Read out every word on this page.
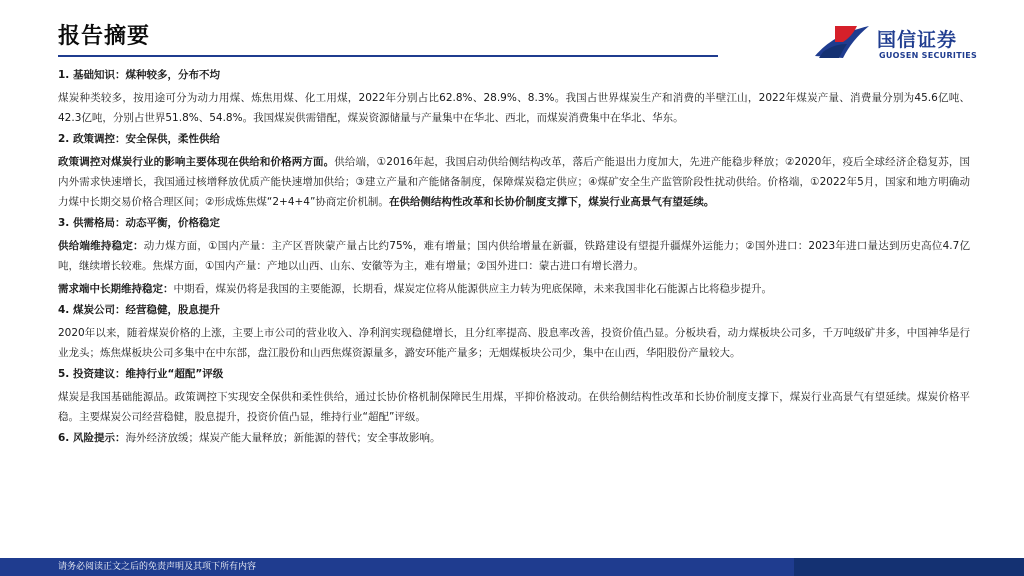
报告摘要	国信证券
GUOSEN SECURITIES
1. 基础知识：煤种较多，分布不均
煤炭种类较多，按用途可分为动力用煤、炼焦用煤、化工用煤，2022年分别占比62.8%、28.9%、8.3%。我国占世界煤炭生产和消费的半壁江山，2022年煤炭产量、消费量分别为45.6亿吨、42.3亿吨，分别占世界51.8%、54.8%。我国煤炭供需错配，煤炭资源储量与产量集中在华北、西北，而煤炭消费集中在华北、华东。
2. 政策调控：安全保供，柔性供给
政策调控对煤炭行业的影响主要体现在供给和价格两方面。供给端，①2016年起，我国启动供给侧结构改革，落后产能退出力度加大，先进产能稳步释放；②2020年，疫后全球经济企稳复苏，国内外需求快速增长，我国通过核增释放优质产能快速增加供给；③建立产量和产能储备制度，保障煤炭稳定供应；④煤矿安全生产监管阶段性扰动供给。价格端，①2022年5月，国家和地方明确动力煤中长期交易价格合理区间；②形成炼焦煤“2+4+4”协商定价机制。在供给侧结构性改革和长协价制度支撑下，煤炭行业高景气有望延续。
3. 供需格局：动态平衡，价格稳定
供给端维持稳定：动力煤方面，①国内产量：主产区晋陕蒙产量占比约75%，难有增量；国内供给增量在新疆，铁路建设有望提升疆煤外运能力；②国外进口：2023年进口量达到历史高位4.7亿吨，继续增长较难。焦煤方面，①国内产量：产地以山西、山东、安徽等为主，难有增量；②国外进口：蒙古进口有增长潜力。
需求端中长期维持稳定：中期看，煤炭仍将是我国的主要能源，长期看，煤炭定位将从能源供应主力转为兜底保障，未来我国非化石能源占比将稳步提升。
4. 煤炭公司：经营稳健，股息提升
2020年以来，随着煤炭价格的上涨，主要上市公司的营业收入、净利润实现稳健增长，且分红率提高、股息率改善，投资价值凸显。分板块看，动力煤板块公司多，千万吨级矿井多，中国神华是行业龙头；炼焦煤板块公司多集中在中东部，盘江股份和山西焦煤资源量多，潞安环能产量多；无烟煤板块公司少，集中在山西，华阳股份产量较大。
5. 投资建议：维持行业“超配”评级
煤炭是我国基础能源品。政策调控下实现安全保供和柔性供给，通过长协价格机制保障民生用煤，平抑价格波动。在供给侧结构性改革和长协价制度支撑下，煤炭行业高景气有望延续。煤炭价格平稳。主要煤炭公司经营稳健，股息提升，投资价值凸显，维持行业“超配”评级。
6. 风险提示：海外经济放缓；煤炭产能大量释放；新能源的替代；安全事故影响。
请务必阅读正文之后的免责声明及其项下所有内容
